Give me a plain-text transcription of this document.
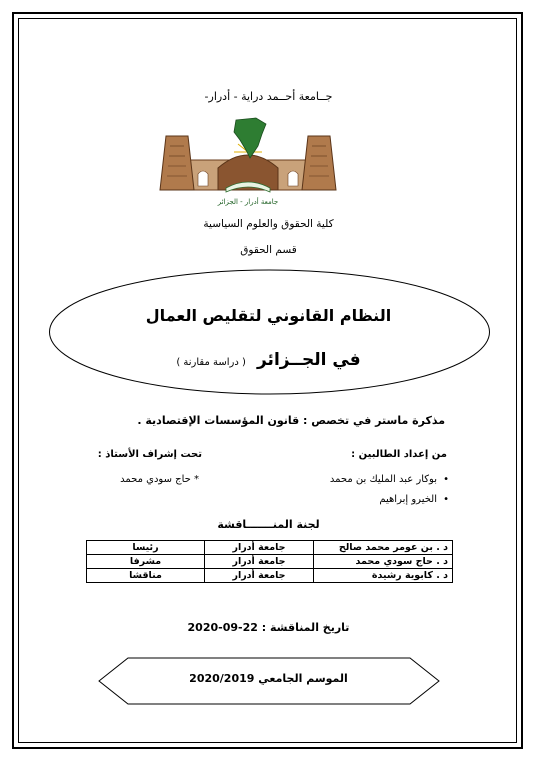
جــامعة أحــمد دراية - أدرار-
جامعة أدرار - الجزائر
كلية الحقوق والعلوم السياسية
قسم الحقوق
النظام القانوني لتقليص العمال
في الجــزائر ( دراسة مقارنة )
مذكرة ماستر في تخصص : قانون المؤسسات الإقتصادية .
من إعداد الطالبين :
تحت إشراف الأستاذ :
•
بوكار عبد المليك بن محمد
•
الخيرو إبراهيم
* حاج سودي محمد
لجنة المنـــــــاقشة
د . بن عومر محمد صالح	جامعة أدرار	رئيسا
د . حاج سودي محمد	جامعة أدرار	مشرفا
د . كابوية رشيدة	جامعة أدرار	مناقشا
تاريخ المناقشة : 22-09-2020
الموسم الجامعي 2020/2019
